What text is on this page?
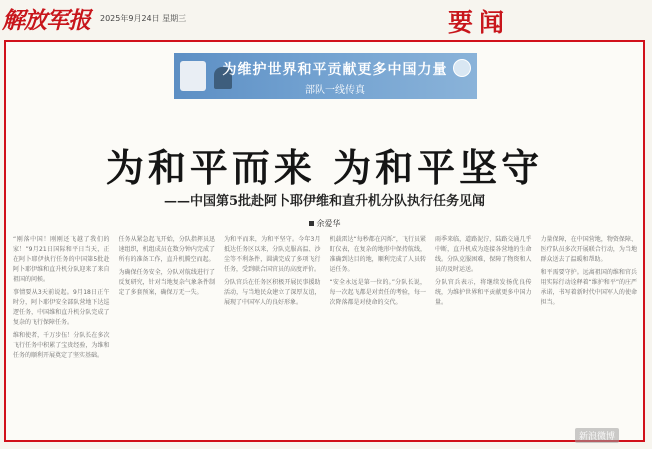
解放军报 2025年9月24日 星期三	要闻
为维护世界和平贡献更多中国力量
部队一线传真
为和平而来 为和平坚守
——中国第5批赴阿卜耶伊维和直升机分队执行任务见闻
余爱华

“刚落中国！刚刚还飞越了我们的家！”9月21日国际和平日当天，正在阿卜耶伊执行任务的中国第5批赴阿卜耶伊维和直升机分队迎来了来自祖国的问候。

事情要从3天前说起。9月18日正午时分，阿卜耶伊安全部队营地下达巡逻任务，中国维和直升机分队完成了复杂的飞行保障任务。

维和使者，千万步伍！分队长在多次飞行任务中积累了宝贵经验，为维和任务的顺利开展奠定了坚实基础。

任务从紧急起飞开始，分队指挥员迅速组织，机组成员在数分钟内完成了所有的准备工作，直升机腾空而起。

为确保任务安全，分队对航线进行了反复研究，针对当地复杂气象条件制定了多套预案，确保万无一失。

为和平而来，为和平坚守。今年3月抵达任务区以来，分队克服高温、沙尘等不利条件，圆满完成了多项飞行任务，受到联合国官员的高度评价。

分队官兵在任务区积极开展民事援助活动，与当地民众建立了深厚友谊，展现了中国军人的良好形象。

机载雷达“每秒都在闪烁”，飞行员紧盯仪表，在复杂的地形中保持航线，准确到达目的地，顺利完成了人员转运任务。

“安全永远是第一位的。”分队长说，每一次起飞都是对责任的考验，每一次降落都是对使命的交代。

雨季来临，道路泥泞，陆路交通几乎中断，直升机成为连接各营地的生命线。分队克服困难，保障了物资和人员的及时运送。

分队官兵表示，将继续发扬优良传统，为维护世界和平贡献更多中国力量。

力量保障，在中国营地，物资保障、医疗队员多次开展联合行动，为当地群众送去了温暖和帮助。

和平需要守护。远离祖国的维和官兵用实际行动诠释着“维护和平”的庄严承诺，书写着新时代中国军人的使命担当。

新浪微博
